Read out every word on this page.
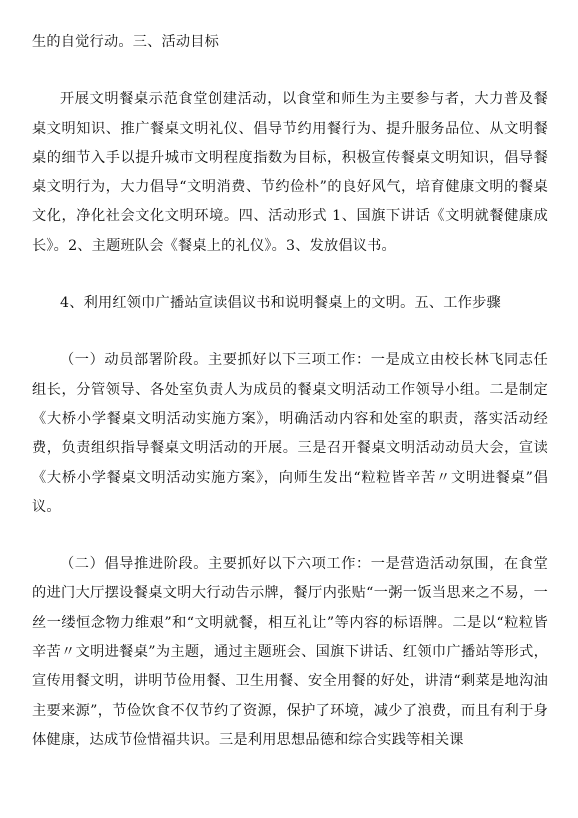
生的自觉行动。三、活动目标

开展文明餐桌示范食堂创建活动，以食堂和师生为主要参与者，大力普及餐桌文明知识、推广餐桌文明礼仪、倡导节约用餐行为、提升服务品位、从文明餐桌的细节入手以提升城市文明程度指数为目标，积极宣传餐桌文明知识，倡导餐桌文明行为，大力倡导“文明消费、节约俭朴”的良好风气，培育健康文明的餐桌文化，净化社会文化文明环境。四、活动形式 1、国旗下讲话《文明就餐健康成长》。2、主题班队会《餐桌上的礼仪》。3、发放倡议书。

4、利用红领巾广播站宣读倡议书和说明餐桌上的文明。五、工作步骤

（一）动员部署阶段。主要抓好以下三项工作：一是成立由校长林飞同志任组长，分管领导、各处室负责人为成员的餐桌文明活动工作领导小组。二是制定《大桥小学餐桌文明活动实施方案》，明确活动内容和处室的职责，落实活动经费，负责组织指导餐桌文明活动的开展。三是召开餐桌文明活动动员大会，宣读《大桥小学餐桌文明活动实施方案》，向师生发出“粒粒皆辛苦〃文明进餐桌”倡议。

（二）倡导推进阶段。主要抓好以下六项工作：一是营造活动氛围，在食堂的进门大厅摆设餐桌文明大行动告示牌，餐厅内张贴“一粥一饭当思来之不易，一丝一缕恒念物力维艰”和“文明就餐，相互礼让”等内容的标语牌。二是以“粒粒皆辛苦〃文明进餐桌”为主题，通过主题班会、国旗下讲话、红领巾广播站等形式，宣传用餐文明，讲明节俭用餐、卫生用餐、安全用餐的好处，讲清“剩菜是地沟油主要来源”，节俭饮食不仅节约了资源，保护了环境，减少了浪费，而且有利于身体健康，达成节俭惜福共识。三是利用思想品德和综合实践等相关课
